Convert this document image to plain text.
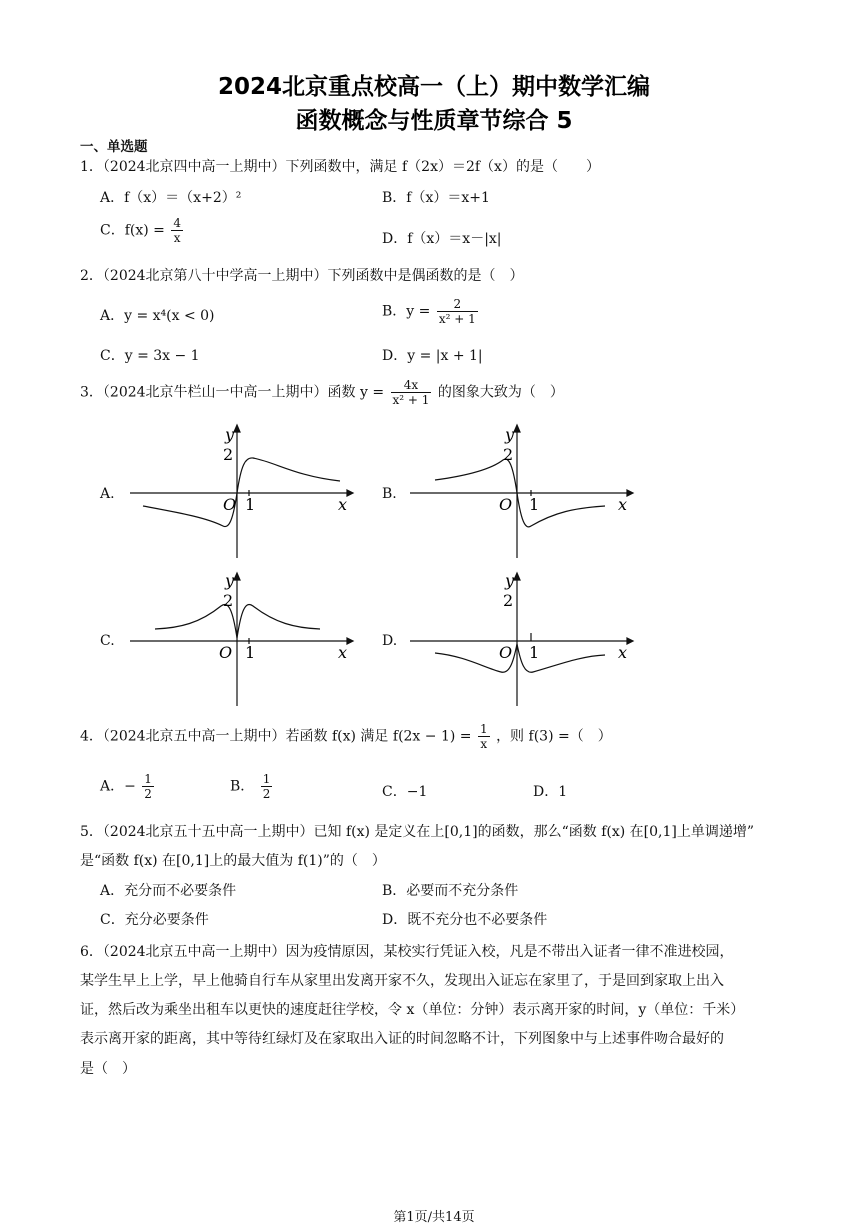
2024北京重点校高一（上）期中数学汇编
函数概念与性质章节综合 5
一、单选题
1．（2024北京四中高一上期中）下列函数中，满足 f（2x）＝2f（x）的是（　　）
A．f（x）＝（x+2）²	B．f（x）＝x+1
C．$f(x) = \frac{4}{x}$	D．f（x）＝x－|x|
2．（2024北京第八十中学高一上期中）下列函数中是偶函数的是（　）
A．y = x⁴(x < 0)	B．$y = \frac{2}{\text{x² + 1}}$
C．y = 3x − 1	D．y = |x + 1|
3．（2024北京牛栏山一中高一上期中）函数 $y = \frac{4x}{\text{x² + 1}}$ 的图象大致为（　）
A.	B.
C.	D.
y
2
O 1	x
y
2
O 1	x
y
2
O 1	x
y
2
O 1	x
4．（2024北京五中高一上期中）若函数 f(x) 满足 $f(2x - 1) = \frac{1}{x}$ ，则 f(3) =（　）
A．− $\frac{1}{2}$	B． $\frac{1}{2}$	C．−1	D．1
5．（2024北京五十五中高一上期中）已知 f(x) 是定义在上[0,1]的函数，那么“函数 f(x) 在[0,1]上单调递增”
是“函数 f(x) 在[0,1]上的最大值为 f(1)”的（　）
A．充分而不必要条件	B．必要而不充分条件
C．充分必要条件	D．既不充分也不必要条件
6．（2024北京五中高一上期中）因为疫情原因，某校实行凭证入校，凡是不带出入证者一律不准进校园，
某学生早上上学，早上他骑自行车从家里出发离开家不久，发现出入证忘在家里了，于是回到家取上出入
证，然后改为乘坐出租车以更快的速度赶往学校，令 x（单位：分钟）表示离开家的时间，y（单位：千米）
表示离开家的距离，其中等待红绿灯及在家取出入证的时间忽略不计，下列图象中与上述事件吻合最好的
是（　）
第1页/共14页
